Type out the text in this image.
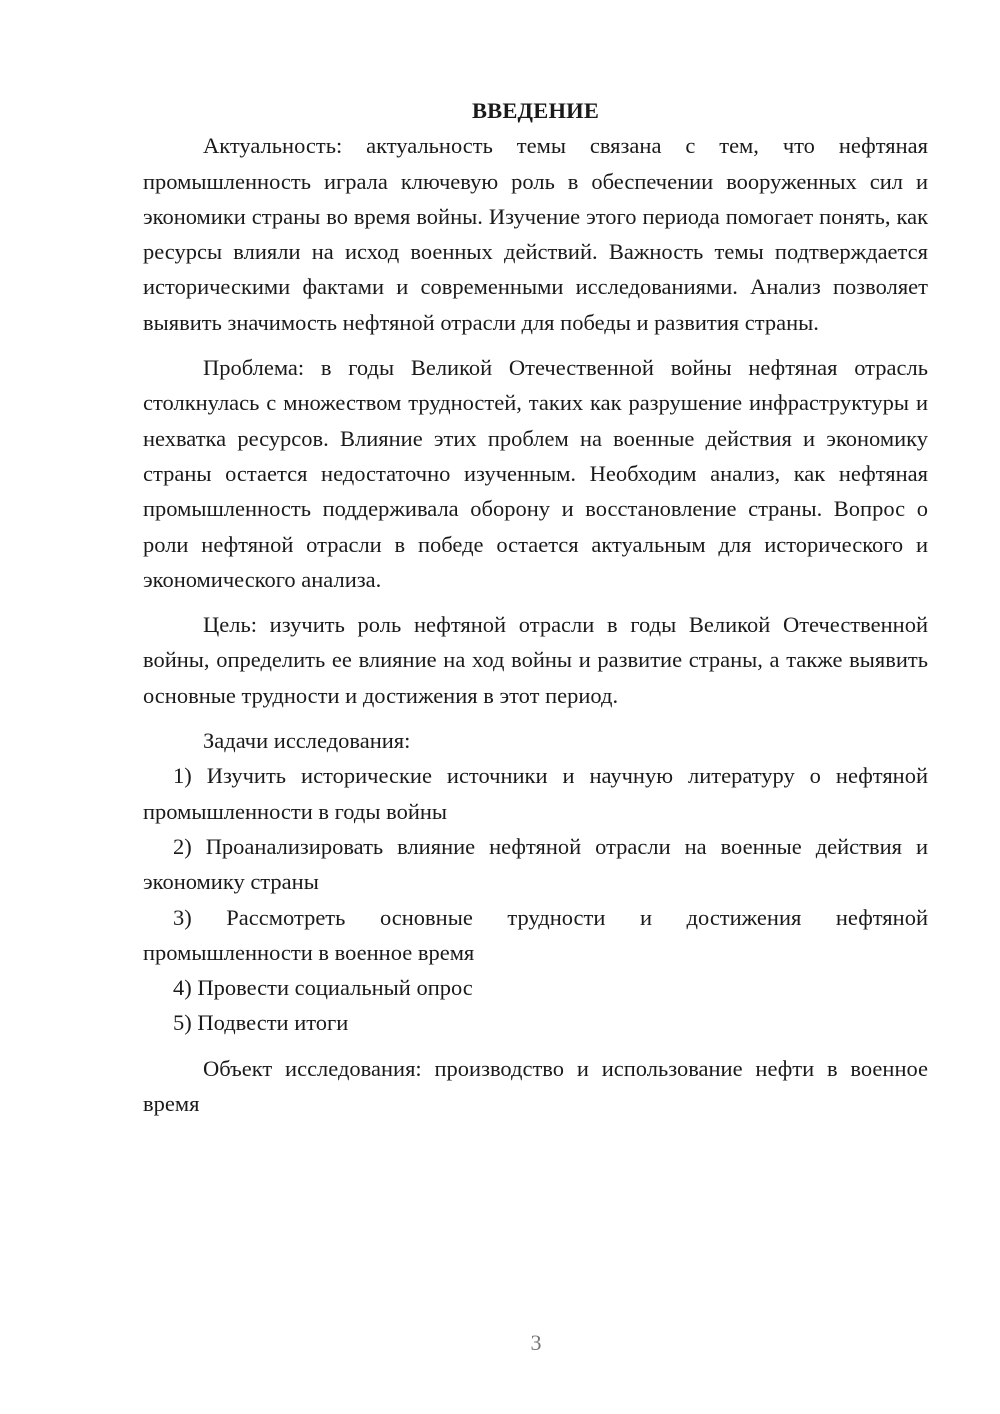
ВВЕДЕНИЕ

Актуальность: актуальность темы связана с тем, что нефтяная промышленность играла ключевую роль в обеспечении вооруженных сил и экономики страны во время войны. Изучение этого периода помогает понять, как ресурсы влияли на исход военных действий. Важность темы подтверждается историческими фактами и современными исследованиями. Анализ позволяет выявить значимость нефтяной отрасли для победы и развития страны.

Проблема: в годы Великой Отечественной войны нефтяная отрасль столкнулась с множеством трудностей, таких как разрушение инфраструктуры и нехватка ресурсов. Влияние этих проблем на военные действия и экономику страны остается недостаточно изученным. Необходим анализ, как нефтяная промышленность поддерживала оборону и восстановление страны. Вопрос о роли нефтяной отрасли в победе остается актуальным для исторического и экономического анализа.

Цель: изучить роль нефтяной отрасли в годы Великой Отечественной войны, определить ее влияние на ход войны и развитие страны, а также выявить основные трудности и достижения в этот период.

Задачи исследования:

1) Изучить исторические источники и научную литературу о нефтяной промышленности в годы войны

2) Проанализировать влияние нефтяной отрасли на военные действия и экономику страны

3) Рассмотреть основные трудности и достижения нефтяной промышленности в военное время

4) Провести социальный опрос

5) Подвести итоги

Объект исследования: производство и использование нефти в военное время

3
